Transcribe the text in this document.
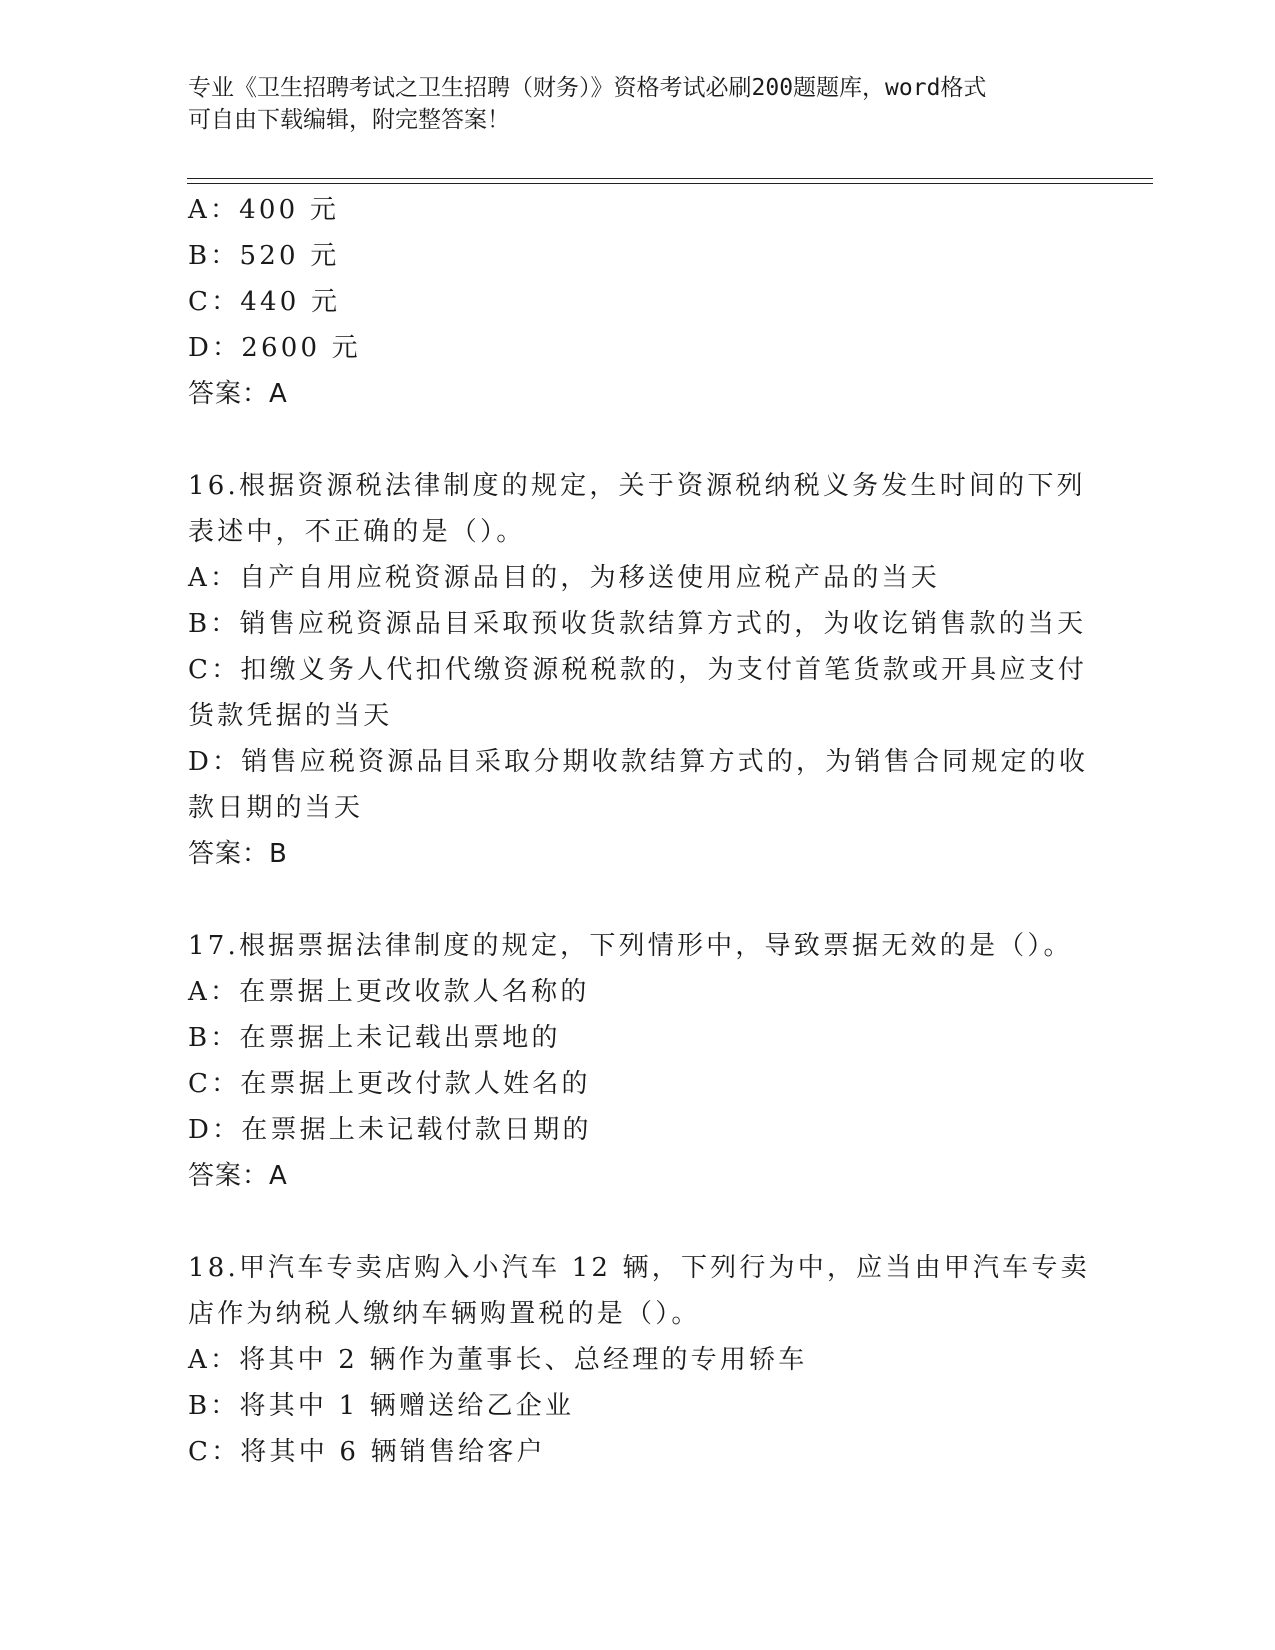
专业《卫生招聘考试之卫生招聘（财务）》资格考试必刷200题题库，word格式
可自由下载编辑，附完整答案！
A：400 元
B：520 元
C：440 元
D：2600 元
答案：A
16.根据资源税法律制度的规定，关于资源税纳税义务发生时间的下列
表述中，不正确的是（）。
A：自产自用应税资源品目的，为移送使用应税产品的当天
B：销售应税资源品目采取预收货款结算方式的，为收讫销售款的当天
C：扣缴义务人代扣代缴资源税税款的，为支付首笔货款或开具应支付
货款凭据的当天
D：销售应税资源品目采取分期收款结算方式的，为销售合同规定的收
款日期的当天
答案：B
17.根据票据法律制度的规定，下列情形中，导致票据无效的是（）。
A：在票据上更改收款人名称的
B：在票据上未记载出票地的
C：在票据上更改付款人姓名的
D：在票据上未记载付款日期的
答案：A
18.甲汽车专卖店购入小汽车 12 辆，下列行为中，应当由甲汽车专卖
店作为纳税人缴纳车辆购置税的是（）。
A：将其中 2 辆作为董事长、总经理的专用轿车
B：将其中 1 辆赠送给乙企业
C：将其中 6 辆销售给客户
